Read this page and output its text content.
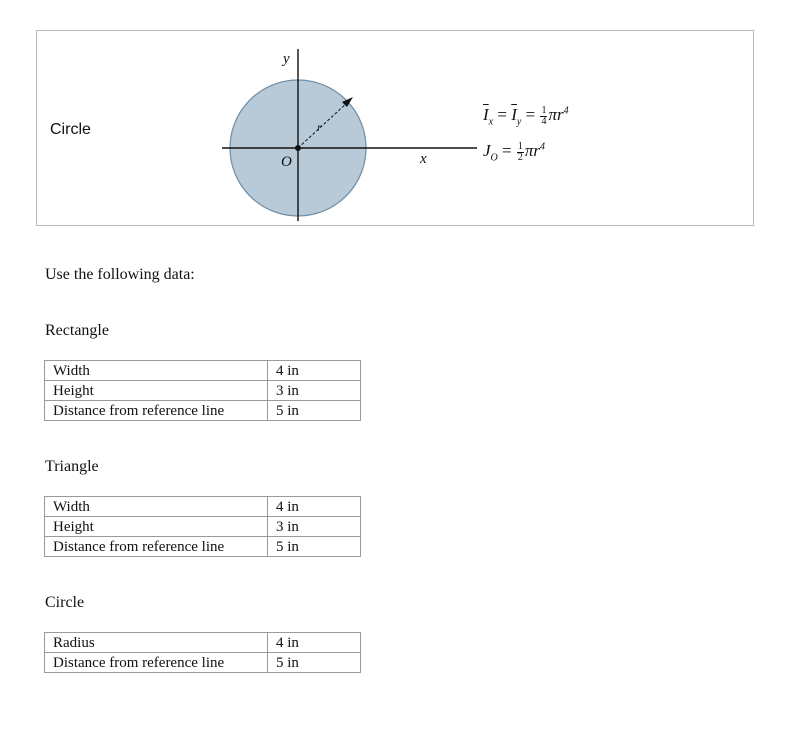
Circle
y
x
r
O
$\overline{I}_x = \overline{I}_y = \frac{1}{4} \pi r^4$
$J_O = \frac{1}{2} \pi r^4$
Use the following data:
Rectangle
Width	4 in
Height	3 in
Distance from reference line	5 in
Triangle
Width	4 in
Height	3 in
Distance from reference line	5 in
Circle
Radius	4 in
Distance from reference line	5 in
